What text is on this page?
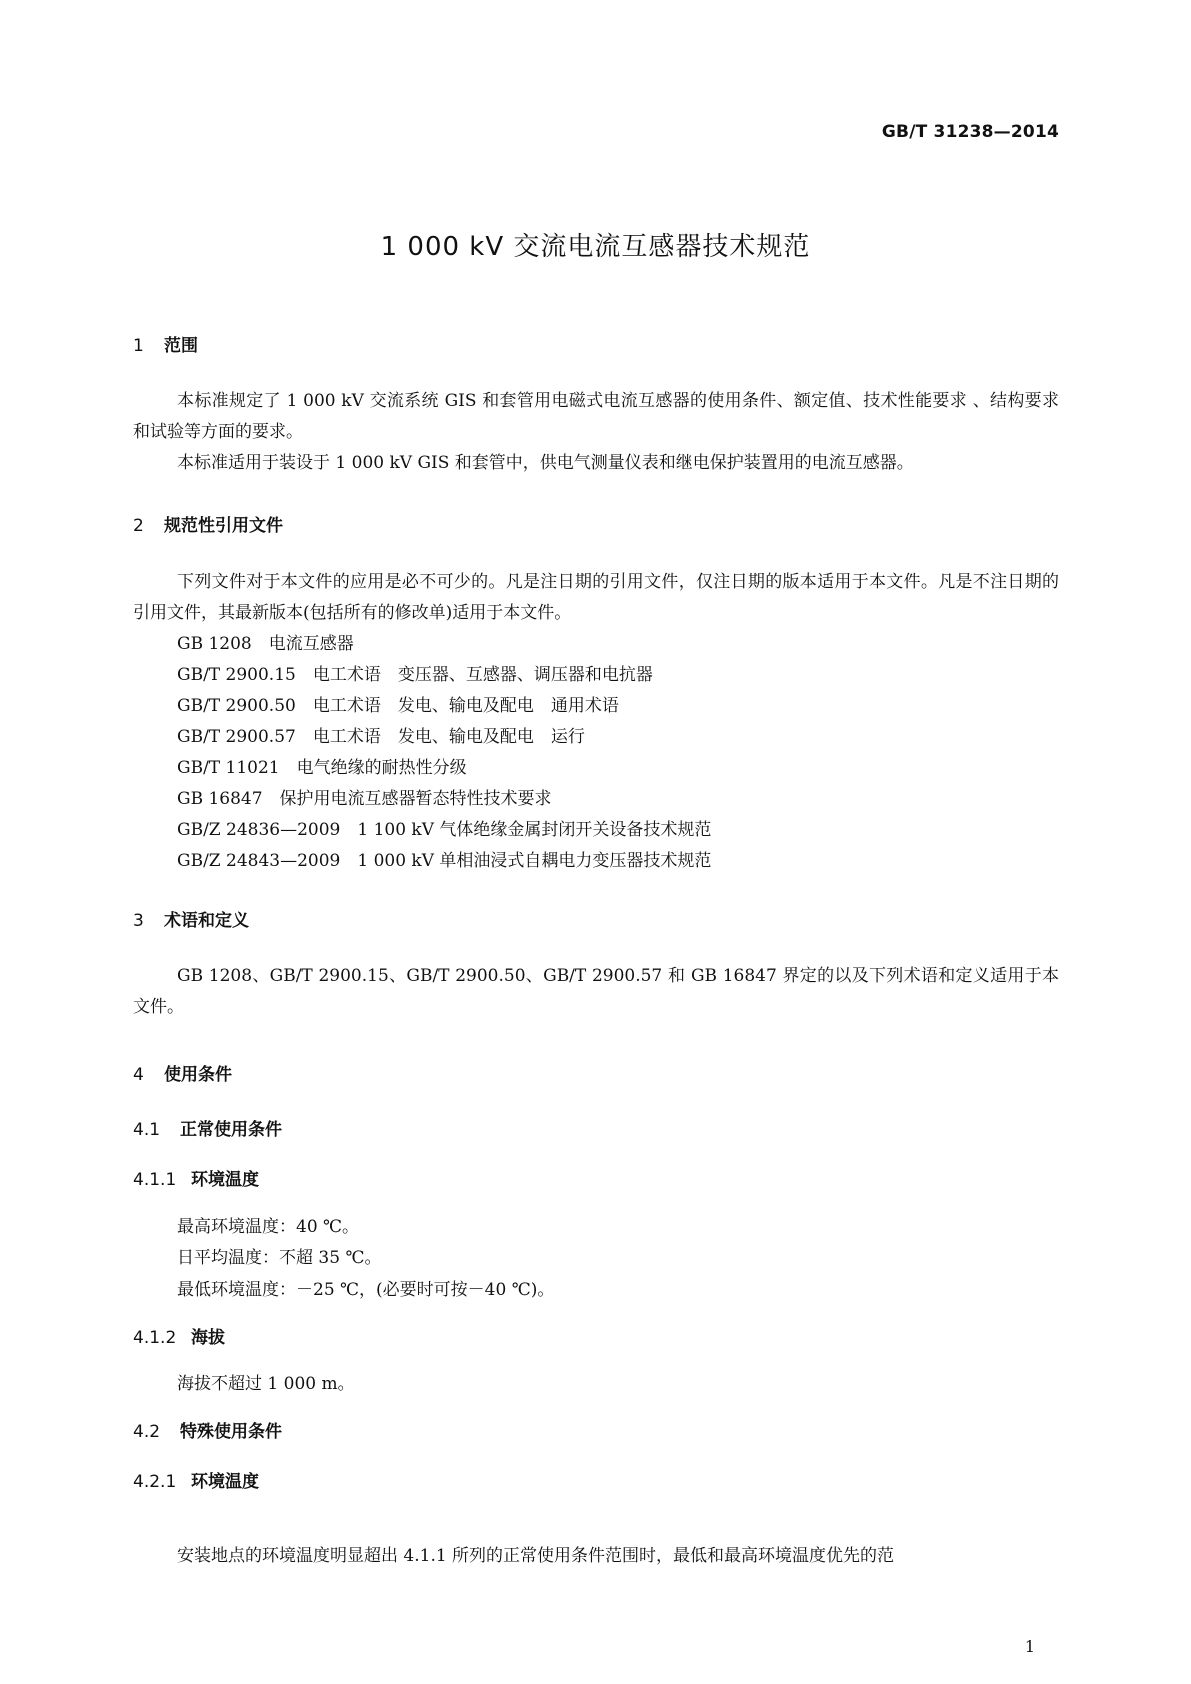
GB/T 31238—2014
1 000 kV 交流电流互感器技术规范
1 范围
本标准规定了 1 000 kV 交流系统 GIS 和套管用电磁式电流互感器的使用条件、额定值、技术性能要求 、结构要求和试验等方面的要求。
本标准适用于装设于 1 000 kV GIS 和套管中，供电气测量仪表和继电保护装置用的电流互感器。
2 规范性引用文件
下列文件对于本文件的应用是必不可少的。凡是注日期的引用文件，仅注日期的版本适用于本文件。凡是不注日期的引用文件，其最新版本(包括所有的修改单)适用于本文件。
GB 1208　电流互感器
GB/T 2900.15　电工术语　变压器、互感器、调压器和电抗器
GB/T 2900.50　电工术语　发电、输电及配电　通用术语
GB/T 2900.57　电工术语　发电、输电及配电　运行
GB/T 11021　电气绝缘的耐热性分级
GB 16847　保护用电流互感器暂态特性技术要求
GB/Z 24836—2009　1 100 kV 气体绝缘金属封闭开关设备技术规范
GB/Z 24843—2009　1 000 kV 单相油浸式自耦电力变压器技术规范
3 术语和定义
GB 1208、GB/T 2900.15、GB/T 2900.50、GB/T 2900.57 和 GB 16847 界定的以及下列术语和定义适用于本文件。
4 使用条件
4.1 正常使用条件
4.1.1 环境温度
最高环境温度：40 ℃。
日平均温度：不超 35 ℃。
最低环境温度：－25 ℃，(必要时可按－40 ℃)。
4.1.2 海拔
海拔不超过 1 000 m。
4.2 特殊使用条件
4.2.1 环境温度
安装地点的环境温度明显超出 4.1.1 所列的正常使用条件范围时，最低和最高环境温度优先的范
1
